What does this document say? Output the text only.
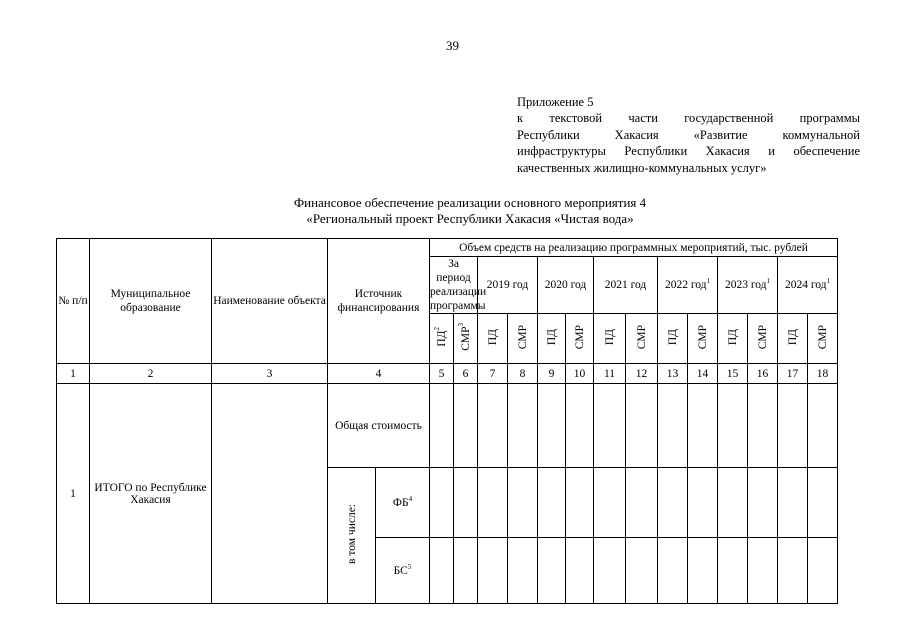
39
Приложение 5
к текстовой части государственной программы
Республики Хакасия «Развитие коммунальной
инфраструктуры Республики Хакасия и обеспечение
качественных жилищно-коммунальных услуг»
Финансовое обеспечение реализации основного мероприятия 4
«Региональный проект Республики Хакасия «Чистая вода»
№ п/п	Муниципальное образование	Наименование объекта	Источник финансирования		Объем средств на реализацию программных мероприятий, тыс. рублей													
					За период реализации программы		2019 год		2020 год		2021 год		2022 год$^1$		2023 год$^1$		2024 год$^1$
					$ПД^2$	СМР$^3$	ПД	СМР	ПД	СМР	ПД	СМР	ПД	СМР	ПД	СМР	ПД	СМР
1	2	3	4		5	6	7	8	9	10	11	12	13	14	15	16	17	18
1	ИТОГО по Республике Хакасия		Общая стоимость															
			в том числе:	$ФБ^4$														
				$БС^5$														
